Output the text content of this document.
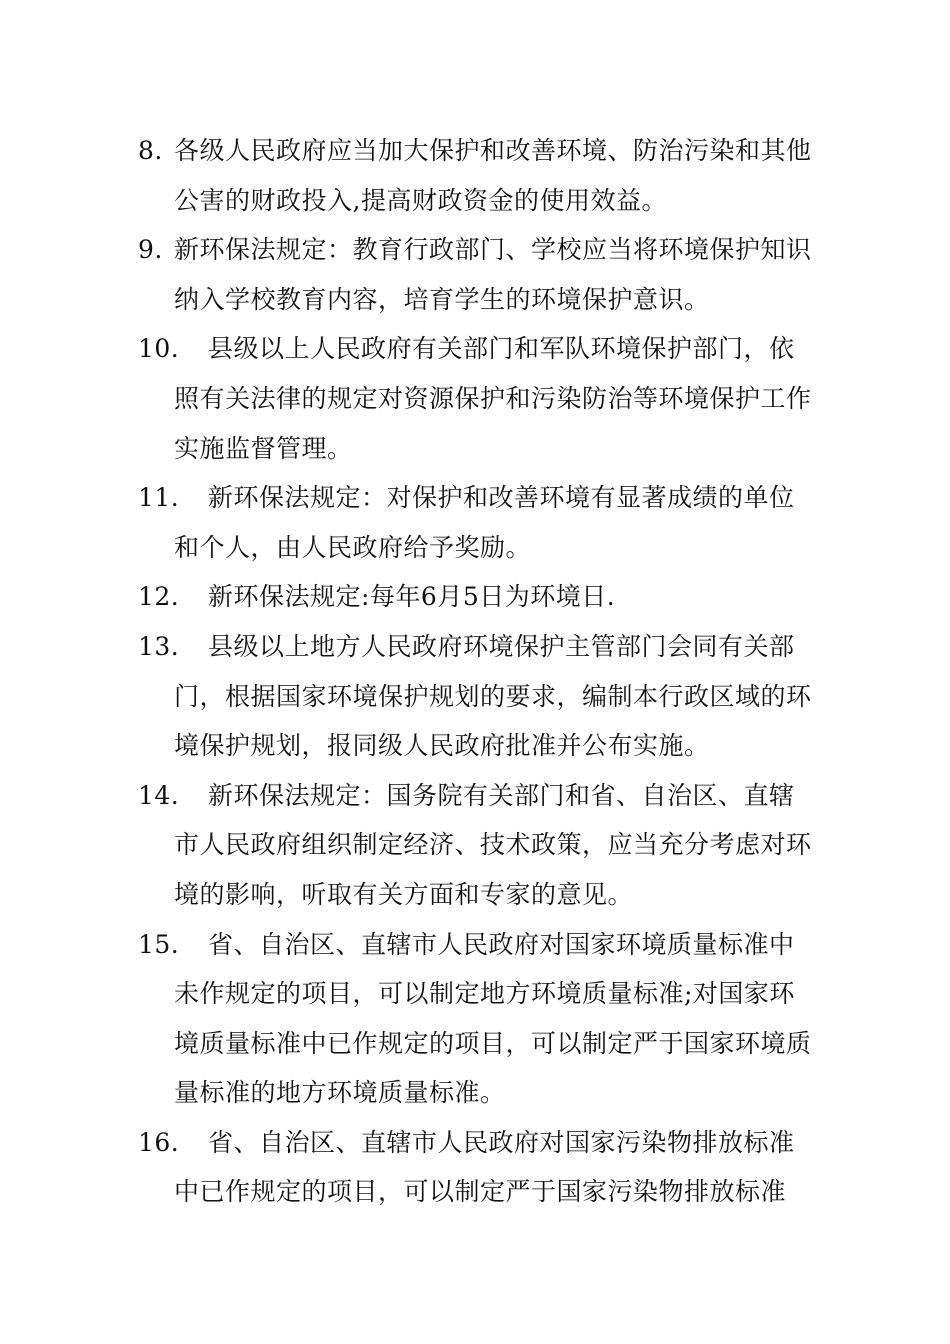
8. 各级人民政府应当加大保护和改善环境、防治污染和其他公害的财政投入,提高财政资金的使用效益。
9. 新环保法规定：教育行政部门、学校应当将环境保护知识纳入学校教育内容，培育学生的环境保护意识。
10.	县级以上人民政府有关部门和军队环境保护部门，依照有关法律的规定对资源保护和污染防治等环境保护工作实施监督管理。
11.	新环保法规定：对保护和改善环境有显著成绩的单位和个人，由人民政府给予奖励。
12.	新环保法规定:每年6月5日为环境日.
13.	县级以上地方人民政府环境保护主管部门会同有关部门，根据国家环境保护规划的要求，编制本行政区域的环境保护规划，报同级人民政府批准并公布实施。
14.	新环保法规定：国务院有关部门和省、自治区、直辖市人民政府组织制定经济、技术政策，应当充分考虑对环境的影响，听取有关方面和专家的意见。
15.	省、自治区、直辖市人民政府对国家环境质量标准中未作规定的项目，可以制定地方环境质量标准;对国家环境质量标准中已作规定的项目，可以制定严于国家环境质量标准的地方环境质量标准。
16.	省、自治区、直辖市人民政府对国家污染物排放标准中已作规定的项目，可以制定严于国家污染物排放标准
